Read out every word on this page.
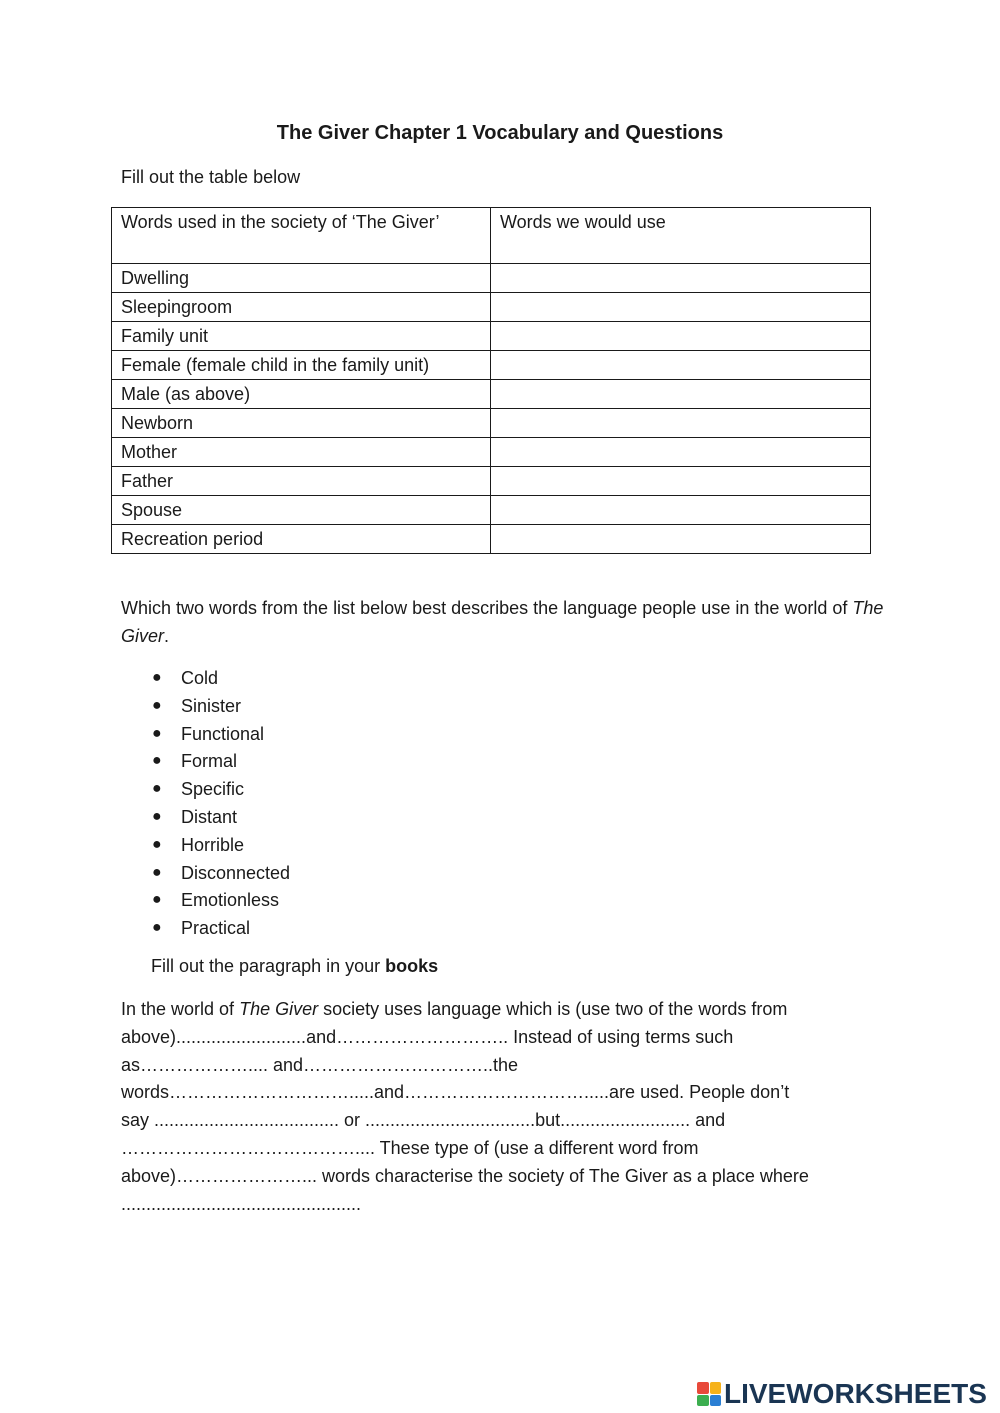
The Giver Chapter 1 Vocabulary and Questions

Fill out the table below

Words used in the society of ‘The Giver’	Words we would use
Dwelling	
Sleepingroom	
Family unit	
Female (female child in the family unit)	
Male (as above)	
Newborn	
Mother	
Father	
Spouse	
Recreation period	

Which two words from the list below best describes the language people use in the world of The Giver.

●	Cold
●	Sinister
●	Functional
●	Formal
●	Specific
●	Distant
●	Horrible
●	Disconnected
●	Emotionless
●	Practical

Fill out the paragraph in your books

In the world of The Giver society uses language which is (use two of the words from
above)..........................and……………………….. Instead of using terms such
as……………….... and…………………………..the
words………………………….....and………………………….....are used. People don’t
say ..................................... or ..................................but.......................... and
………………………………….... These type of (use a different word from
above)…………………... words characterise the society of The Giver as a place where
................................................
LIVEWORKSHEETS
